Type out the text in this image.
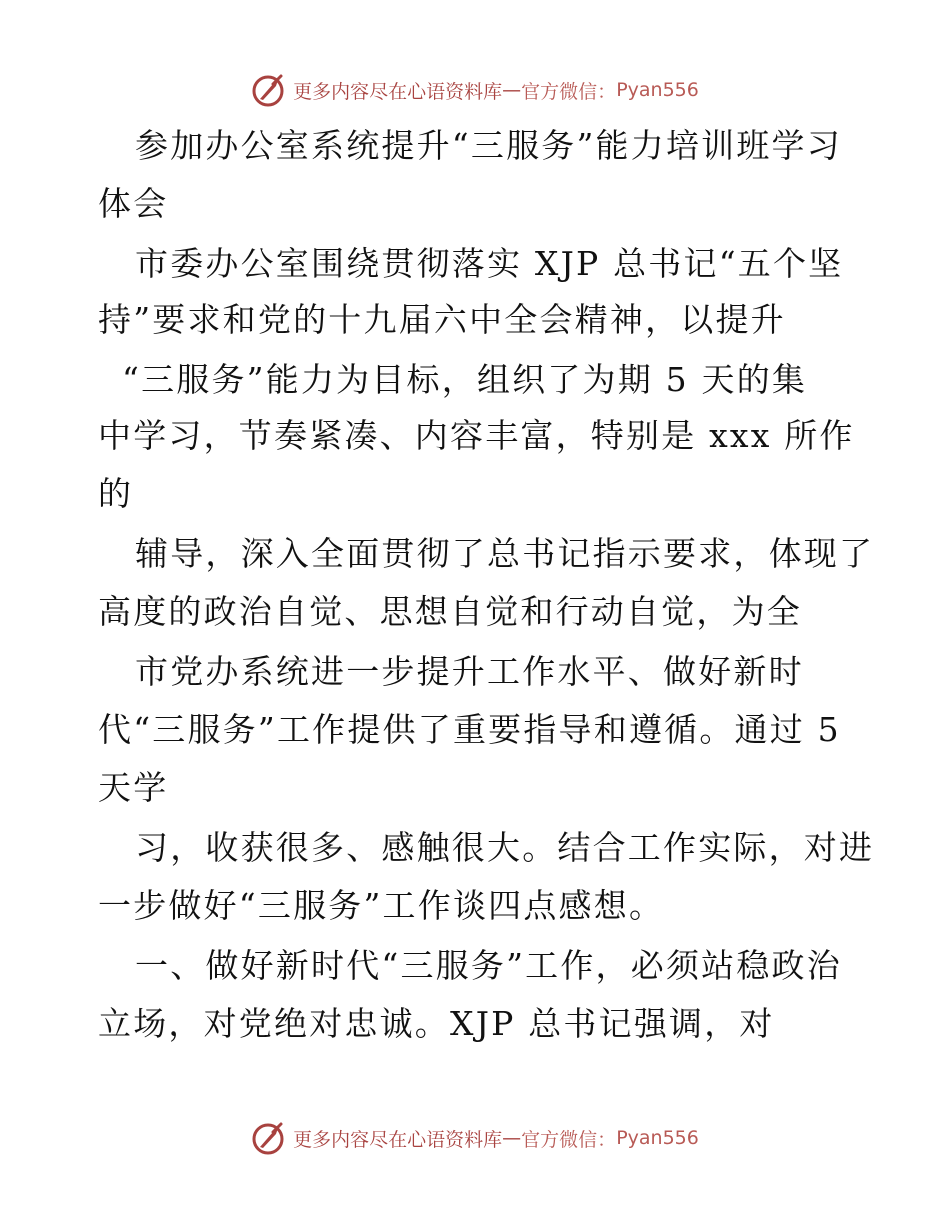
更多内容尽在心语资料库 — 官方微信： Pyan556
参加办公室系统提升“三服务”能力培训班学习
体会
市委办公室围绕贯彻落实 XJP 总书记“五个坚
持”要求和党的十九届六中全会精神，以提升
“三服务”能力为目标，组织了为期 5 天的集
中学习，节奏紧凑、内容丰富，特别是 xxx 所作
的
辅导，深入全面贯彻了总书记指示要求，体现了
高度的政治自觉、思想自觉和行动自觉，为全
市党办系统进一步提升工作水平、做好新时
代“三服务”工作提供了重要指导和遵循。通过 5
天学
习，收获很多、感触很大。结合工作实际，对进
一步做好“三服务”工作谈四点感想。
一、做好新时代“三服务”工作，必须站稳政治
立场，对党绝对忠诚。XJP 总书记强调，对
更多内容尽在心语资料库 — 官方微信： Pyan556
